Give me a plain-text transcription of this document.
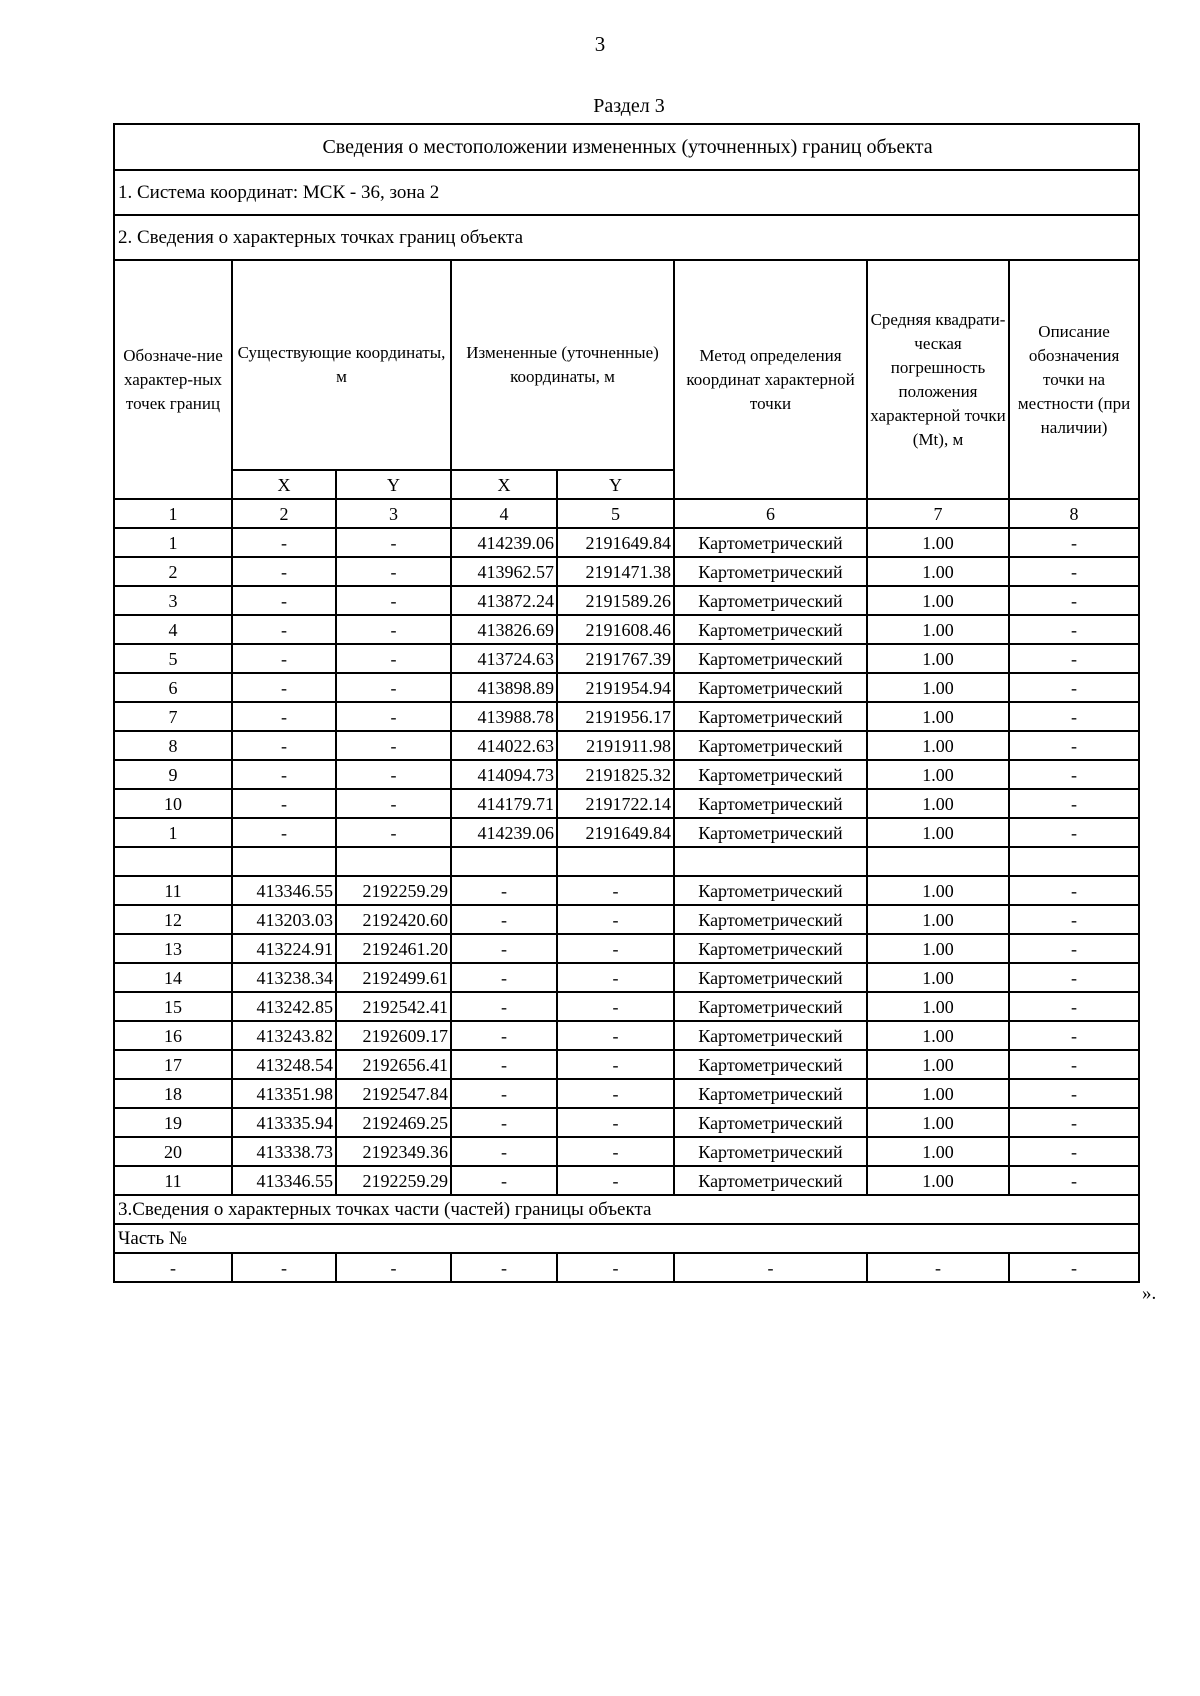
3
Раздел 3
Сведения о местоположении измененных (уточненных) границ объекта							
1. Система координат: МСК - 36, зона 2							
2. Сведения о характерных точках границ объекта							
Обозначе-ние характер-ных точек границ	Существующие координаты, м		Измененные (уточненные) координаты, м		Метод определения координат характерной точки	Средняя квадрати-ческая погрешность положения характерной точки (Mt), м	Описание обозначения точки на местности (при наличии)
	X	Y	X	Y			
1	2	3	4	5	6	7	8
1	-	-	414239.06	2191649.84	Картометрический	1.00	-
2	-	-	413962.57	2191471.38	Картометрический	1.00	-
3	-	-	413872.24	2191589.26	Картометрический	1.00	-
4	-	-	413826.69	2191608.46	Картометрический	1.00	-
5	-	-	413724.63	2191767.39	Картометрический	1.00	-
6	-	-	413898.89	2191954.94	Картометрический	1.00	-
7	-	-	413988.78	2191956.17	Картометрический	1.00	-
8	-	-	414022.63	2191911.98	Картометрический	1.00	-
9	-	-	414094.73	2191825.32	Картометрический	1.00	-
10	-	-	414179.71	2191722.14	Картометрический	1.00	-
1	-	-	414239.06	2191649.84	Картометрический	1.00	-

11	413346.55	2192259.29	-	-	Картометрический	1.00	-
12	413203.03	2192420.60	-	-	Картометрический	1.00	-
13	413224.91	2192461.20	-	-	Картометрический	1.00	-
14	413238.34	2192499.61	-	-	Картометрический	1.00	-
15	413242.85	2192542.41	-	-	Картометрический	1.00	-
16	413243.82	2192609.17	-	-	Картометрический	1.00	-
17	413248.54	2192656.41	-	-	Картометрический	1.00	-
18	413351.98	2192547.84	-	-	Картометрический	1.00	-
19	413335.94	2192469.25	-	-	Картометрический	1.00	-
20	413338.73	2192349.36	-	-	Картометрический	1.00	-
11	413346.55	2192259.29	-	-	Картометрический	1.00	-
3.Сведения о характерных точках части (частей) границы объекта							
Часть №							
-	-	-	-	-	-	-	-
».
